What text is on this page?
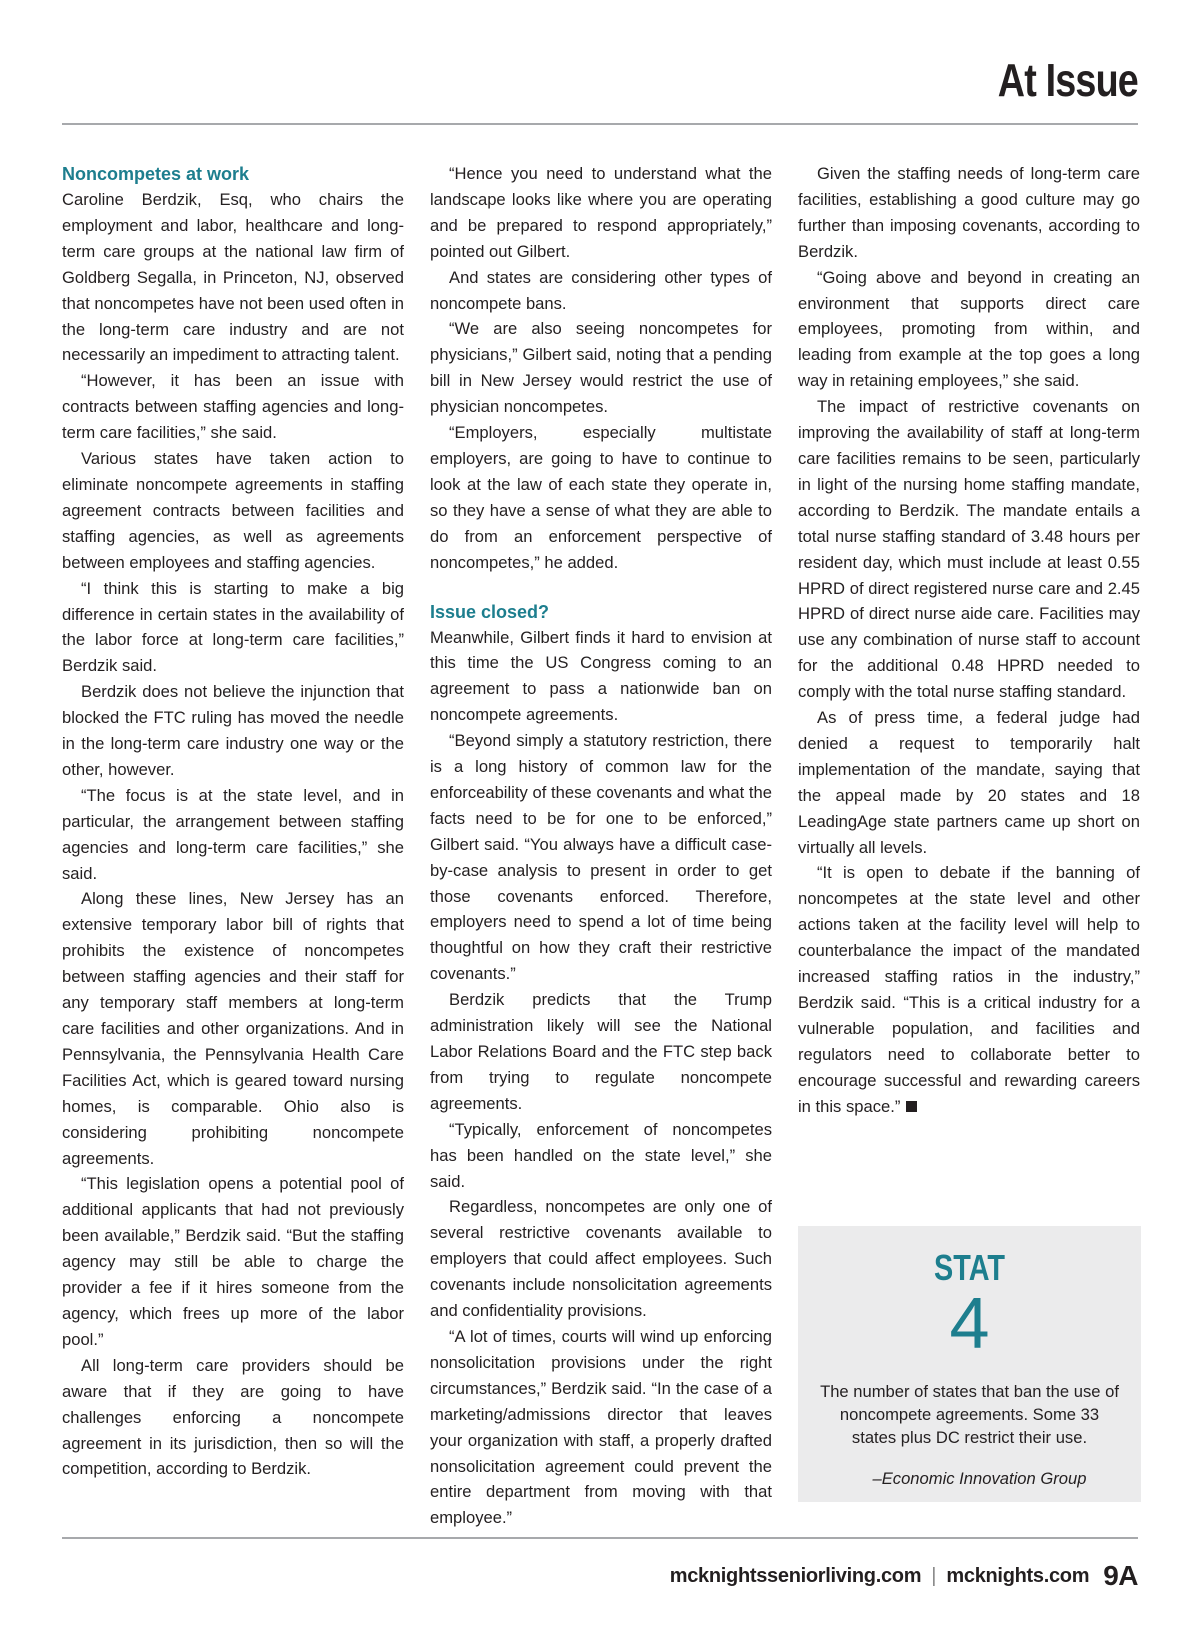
At Issue
Noncompetes at work

Caroline Berdzik, Esq, who chairs the employment and labor, healthcare and long-term care groups at the national law firm of Goldberg Segalla, in Princeton, NJ, observed that noncompetes have not been used often in the long-term care industry and are not necessarily an impediment to attracting talent.

“However, it has been an issue with contracts between staffing agencies and long-term care facilities,” she said.

Various states have taken action to eliminate noncompete agreements in staffing agreement contracts between facilities and staffing agencies, as well as agreements between employees and staffing agencies.

“I think this is starting to make a big difference in certain states in the availability of the labor force at long-term care facilities,” Berdzik said.

Berdzik does not believe the injunction that blocked the FTC ruling has moved the needle in the long-term care industry one way or the other, however.

“The focus is at the state level, and in particular, the arrangement between staffing agencies and long-term care facilities,” she said.

Along these lines, New Jersey has an extensive temporary labor bill of rights that prohibits the existence of noncompetes between staffing agencies and their staff for any temporary staff members at long-term care facilities and other organizations. And in Pennsylvania, the Pennsylvania Health Care Facilities Act, which is geared toward nursing homes, is comparable. Ohio also is considering prohibiting noncompete agreements.

“This legislation opens a potential pool of additional applicants that had not previously been available,” Berdzik said. “But the staffing agency may still be able to charge the provider a fee if it hires someone from the agency, which frees up more of the labor pool.”

All long-term care providers should be aware that if they are going to have challenges enforcing a noncompete agreement in its jurisdiction, then so will the competition, according to Berdzik.

“Hence you need to understand what the landscape looks like where you are operating and be prepared to respond appropriately,” pointed out Gilbert.

And states are considering other types of noncompete bans.

“We are also seeing noncompetes for physicians,” Gilbert said, noting that a pending bill in New Jersey would restrict the use of physician noncompetes.

“Employers, especially multistate employers, are going to have to continue to look at the law of each state they operate in, so they have a sense of what they are able to do from an enforcement perspective of noncompetes,” he added.

Issue closed?

Meanwhile, Gilbert finds it hard to envision at this time the US Congress coming to an agreement to pass a nationwide ban on noncompete agreements.

“Beyond simply a statutory restriction, there is a long history of common law for the enforceability of these covenants and what the facts need to be for one to be enforced,” Gilbert said. “You always have a difficult case-by-case analysis to present in order to get those covenants enforced. Therefore, employers need to spend a lot of time being thoughtful on how they craft their restrictive covenants.”

Berdzik predicts that the Trump administration likely will see the National Labor Relations Board and the FTC step back from trying to regulate noncompete agreements.

“Typically, enforcement of noncompetes has been handled on the state level,” she said.

Regardless, noncompetes are only one of several restrictive covenants available to employers that could affect employees. Such covenants include nonsolicitation agreements and confidentiality provisions.

“A lot of times, courts will wind up enforcing nonsolicitation provisions under the right circumstances,” Berdzik said. “In the case of a marketing/admissions director that leaves your organization with staff, a properly drafted nonsolicitation agreement could prevent the entire department from moving with that employee.”

Given the staffing needs of long-term care facilities, establishing a good culture may go further than imposing covenants, according to Berdzik.

“Going above and beyond in creating an environment that supports direct care employees, promoting from within, and leading from example at the top goes a long way in retaining employees,” she said.

The impact of restrictive covenants on improving the availability of staff at long-term care facilities remains to be seen, particularly in light of the nursing home staffing mandate, according to Berdzik. The mandate entails a total nurse staffing standard of 3.48 hours per resident day, which must include at least 0.55 HPRD of direct registered nurse care and 2.45 HPRD of direct nurse aide care. Facilities may use any combination of nurse staff to account for the additional 0.48 HPRD needed to comply with the total nurse staffing standard.

As of press time, a federal judge had denied a request to temporarily halt implementation of the mandate, saying that the appeal made by 20 states and 18 LeadingAge state partners came up short on virtually all levels.

“It is open to debate if the banning of noncompetes at the state level and other actions taken at the facility level will help to counterbalance the impact of the mandated increased staffing ratios in the industry,” Berdzik said. “This is a critical industry for a vulnerable population, and facilities and regulators need to collaborate better to encourage successful and rewarding careers in this space.”

STAT
4
The number of states that ban the use of noncompete agreements. Some 33 states plus DC restrict their use.
–Economic Innovation Group
mcknightsseniorliving.com | mcknights.com 9A
